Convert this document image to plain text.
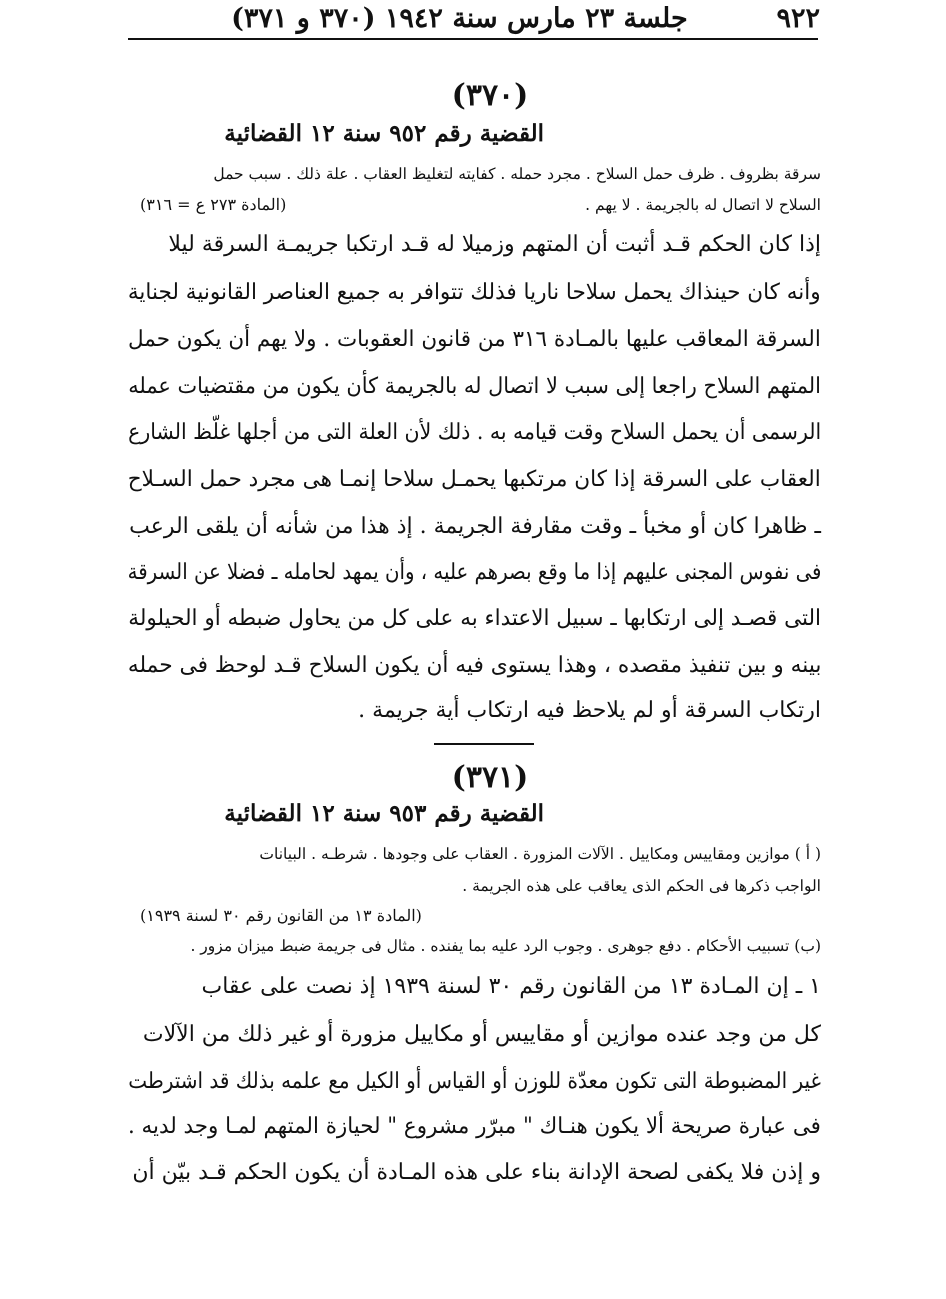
٩٢٢  جلسة ٢٣ مارس سنة ١٩٤٢ (٣٧٠ و ٣٧١)
(٣٧٠)
القضية رقم ٩٥٢ سنة ١٢ القضائية
سرقة بظروف . ظرف حمل السلاح . مجرد حمله . كفايته لتغليظ العقاب . علة ذلك . سبب حمل
السلاح لا اتصال له بالجريمة . لا يهم .
(المادة ٢٧٣ ع = ٣١٦)
إذا كان الحكم قـد أثبت أن المتهم وزميلا له قـد ارتكبا جريمـة السرقة ليلا
وأنه كان حينذاك يحمل سلاحا ناريا فذلك تتوافر به جميع العناصر القانونية لجناية
السرقة المعاقب عليها بالمـادة ٣١٦ من قانون العقوبات . ولا يهم أن يكون حمل
المتهم السلاح راجعا إلى سبب لا اتصال له بالجريمة كأن يكون من مقتضيات عمله
الرسمى أن يحمل السلاح وقت قيامه به . ذلك لأن العلة التى من أجلها غلّظ الشارع
العقاب على السرقة إذا كان مرتكبها يحمـل سلاحا إنمـا هى مجرد حمل السـلاح
ـ ظاهرا كان أو مخبأ ـ وقت مقارفة الجريمة . إذ هذا من شأنه أن يلقى الرعب
فى نفوس المجنى عليهم إذا ما وقع بصرهم عليه ، وأن يمهد لحامله ـ فضلا عن السرقة
التى قصـد إلى ارتكابها ـ سبيل الاعتداء به على كل من يحاول ضبطه أو الحيلولة
بينه و بين تنفيذ مقصده ، وهذا يستوى فيه أن يكون السلاح قـد لوحظ فى حمله
ارتكاب السرقة أو لم يلاحظ فيه ارتكاب أية جريمة .
(٣٧١)
القضية رقم ٩٥٣ سنة ١٢ القضائية
( أ ) موازين ومقاييس ومكاييل . الآلات المزورة . العقاب على وجودها . شرطـه . البيانات
الواجب ذكرها فى الحكم الذى يعاقب على هذه الجريمة .
(المادة ١٣ من القانون رقم ٣٠ لسنة ١٩٣٩)
(ب) تسبيب الأحكام . دفع جوهرى . وجوب الرد عليه بما يفنده . مثال فى جريمة ضبط ميزان مزور .
١ ـ إن المـادة ١٣ من القانون رقم ٣٠ لسنة ١٩٣٩ إذ نصت على عقاب
كل من وجد عنده موازين أو مقاييس أو مكاييل مزورة أو غير ذلك من الآلات
غير المضبوطة التى تكون معدّة للوزن أو القياس أو الكيل مع علمه بذلك قد اشترطت
فى عبارة صريحة ألا يكون هنـاك " مبرّر مشروع " لحيازة المتهم لمـا وجد لديه .
و إذن فلا يكفى لصحة الإدانة بناء على هذه المـادة أن يكون الحكم قـد بيّن أن
